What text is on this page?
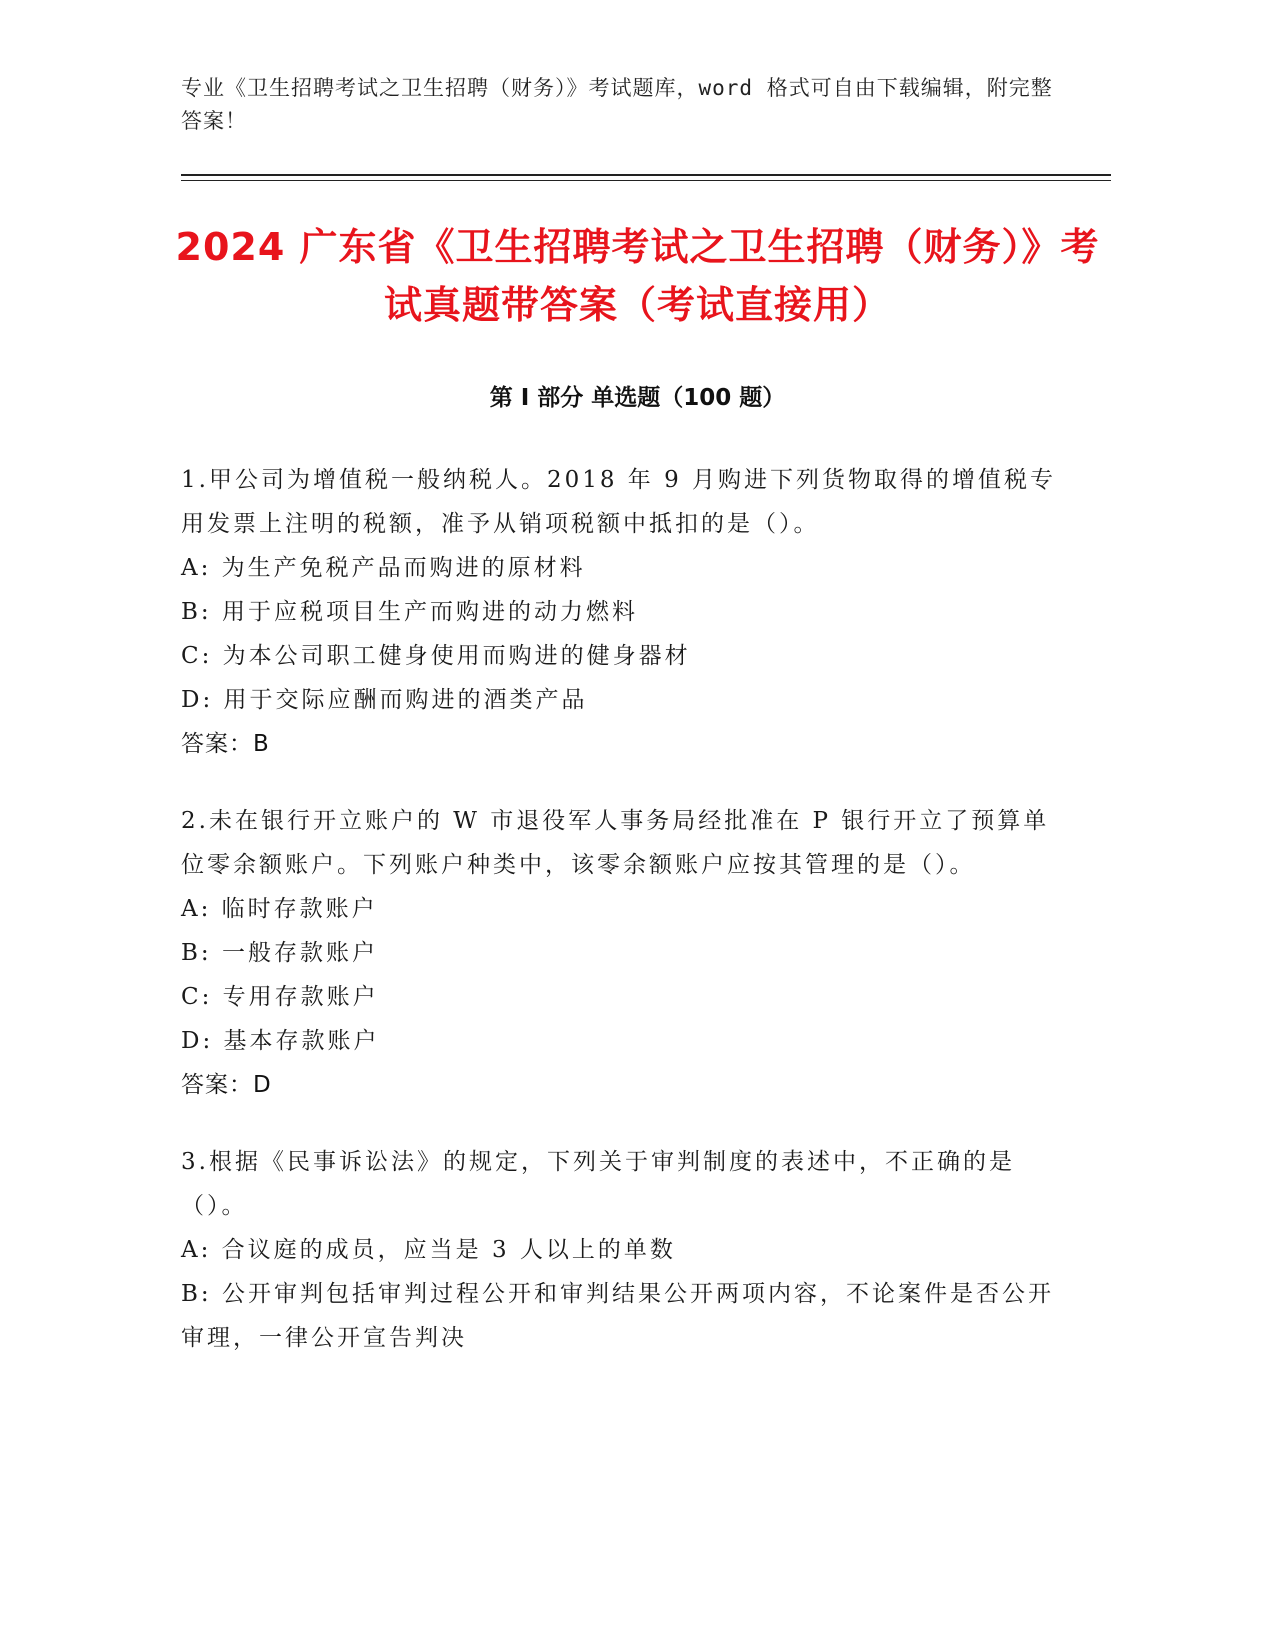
专业《卫生招聘考试之卫生招聘（财务）》考试题库，word 格式可自由下载编辑，附完整答案！
2024 广东省《卫生招聘考试之卫生招聘（财务）》考试真题带答案（考试直接用）
第 I 部分 单选题（100 题）

1.甲公司为增值税一般纳税人。2018 年 9 月购进下列货物取得的增值税专用发票上注明的税额，准予从销项税额中抵扣的是（）。

A: 为生产免税产品而购进的原材料

B: 用于应税项目生产而购进的动力燃料

C: 为本公司职工健身使用而购进的健身器材

D: 用于交际应酬而购进的酒类产品

答案：B

2.未在银行开立账户的 W 市退役军人事务局经批准在 P 银行开立了预算单位零余额账户。下列账户种类中，该零余额账户应按其管理的是（）。

A: 临时存款账户

B: 一般存款账户

C: 专用存款账户

D: 基本存款账户

答案：D

3.根据《民事诉讼法》的规定，下列关于审判制度的表述中，不正确的是（）。

A: 合议庭的成员，应当是 3 人以上的单数

B: 公开审判包括审判过程公开和审判结果公开两项内容，不论案件是否公开审理，一律公开宣告判决
